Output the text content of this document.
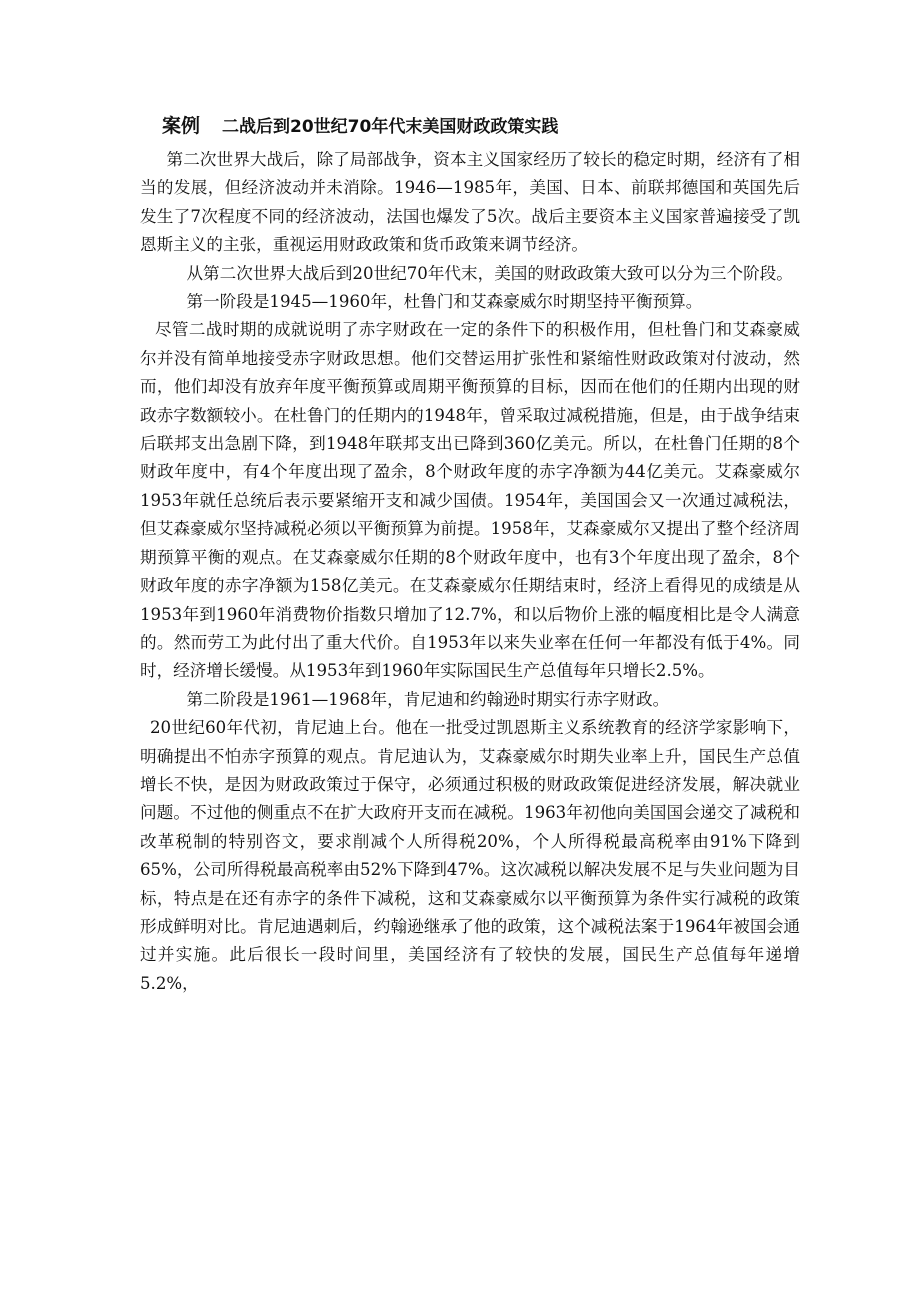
案例 二战后到20世纪70年代末美国财政政策实践

第二次世界大战后，除了局部战争，资本主义国家经历了较长的稳定时期，经济有了相当的发展，但经济波动并未消除。1946—1985年，美国、日本、前联邦德国和英国先后发生了7次程度不同的经济波动，法国也爆发了5次。战后主要资本主义国家普遍接受了凯恩斯主义的主张，重视运用财政政策和货币政策来调节经济。

从第二次世界大战后到20世纪70年代末，美国的财政政策大致可以分为三个阶段。

第一阶段是1945—1960年，杜鲁门和艾森豪威尔时期坚持平衡预算。

尽管二战时期的成就说明了赤字财政在一定的条件下的积极作用，但杜鲁门和艾森豪威尔并没有简单地接受赤字财政思想。他们交替运用扩张性和紧缩性财政政策对付波动，然而，他们却没有放弃年度平衡预算或周期平衡预算的目标，因而在他们的任期内出现的财政赤字数额较小。在杜鲁门的任期内的1948年，曾采取过减税措施，但是，由于战争结束后联邦支出急剧下降，到1948年联邦支出已降到360亿美元。所以，在杜鲁门任期的8个财政年度中，有4个年度出现了盈余，8个财政年度的赤字净额为44亿美元。艾森豪威尔1953年就任总统后表示要紧缩开支和减少国债。1954年，美国国会又一次通过减税法，但艾森豪威尔坚持减税必须以平衡预算为前提。1958年，艾森豪威尔又提出了整个经济周期预算平衡的观点。在艾森豪威尔任期的8个财政年度中，也有3个年度出现了盈余，8个财政年度的赤字净额为158亿美元。在艾森豪威尔任期结束时，经济上看得见的成绩是从1953年到1960年消费物价指数只增加了12.7%，和以后物价上涨的幅度相比是令人满意的。然而劳工为此付出了重大代价。自1953年以来失业率在任何一年都没有低于4%。同时，经济增长缓慢。从1953年到1960年实际国民生产总值每年只增长2.5%。

第二阶段是1961—1968年，肯尼迪和约翰逊时期实行赤字财政。

20世纪60年代初，肯尼迪上台。他在一批受过凯恩斯主义系统教育的经济学家影响下，明确提出不怕赤字预算的观点。肯尼迪认为，艾森豪威尔时期失业率上升，国民生产总值增长不快，是因为财政政策过于保守，必须通过积极的财政政策促进经济发展，解决就业问题。不过他的侧重点不在扩大政府开支而在减税。1963年初他向美国国会递交了减税和改革税制的特别咨文，要求削减个人所得税20%，个人所得税最高税率由91%下降到65%，公司所得税最高税率由52%下降到47%。这次减税以解决发展不足与失业问题为目标，特点是在还有赤字的条件下减税，这和艾森豪威尔以平衡预算为条件实行减税的政策形成鲜明对比。肯尼迪遇刺后，约翰逊继承了他的政策，这个减税法案于1964年被国会通过并实施。此后很长一段时间里，美国经济有了较快的发展，国民生产总值每年递增5.2%，
